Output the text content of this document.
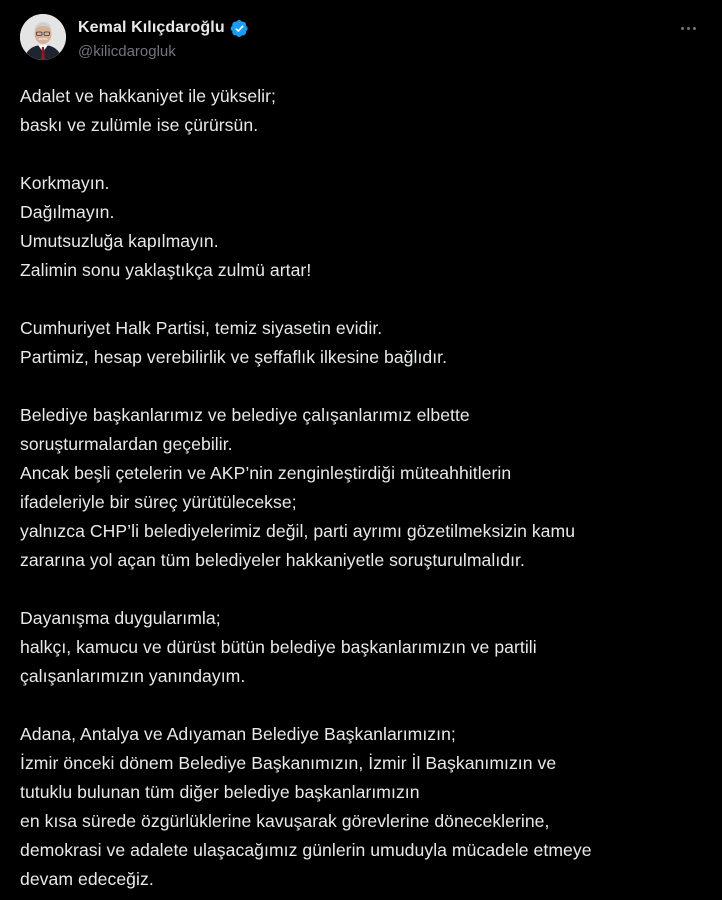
Kemal Kılıçdaroğlu
@kilicdarogluk
Adalet ve hakkaniyet ile yükselir;
baskı ve zulümle ise çürürsün.
Korkmayın.
Dağılmayın.
Umutsuzluğa kapılmayın.
Zalimin sonu yaklaştıkça zulmü artar!
Cumhuriyet Halk Partisi, temiz siyasetin evidir.
Partimiz, hesap verebilirlik ve şeffaflık ilkesine bağlıdır.
Belediye başkanlarımız ve belediye çalışanlarımız elbette
soruşturmalardan geçebilir.
Ancak beşli çetelerin ve AKP’nin zenginleştirdiği müteahhitlerin
ifadeleriyle bir süreç yürütülecekse;
yalnızca CHP’li belediyelerimiz değil, parti ayrımı gözetilmeksizin kamu
zararına yol açan tüm belediyeler hakkaniyetle soruşturulmalıdır.
Dayanışma duygularımla;
halkçı, kamucu ve dürüst bütün belediye başkanlarımızın ve partili
çalışanlarımızın yanındayım.
Adana, Antalya ve Adıyaman Belediye Başkanlarımızın;
İzmir önceki dönem Belediye Başkanımızın, İzmir İl Başkanımızın ve
tutuklu bulunan tüm diğer belediye başkanlarımızın
en kısa sürede özgürlüklerine kavuşarak görevlerine döneceklerine,
demokrasi ve adalete ulaşacağımız günlerin umuduyla mücadele etmeye
devam edeceğiz.
